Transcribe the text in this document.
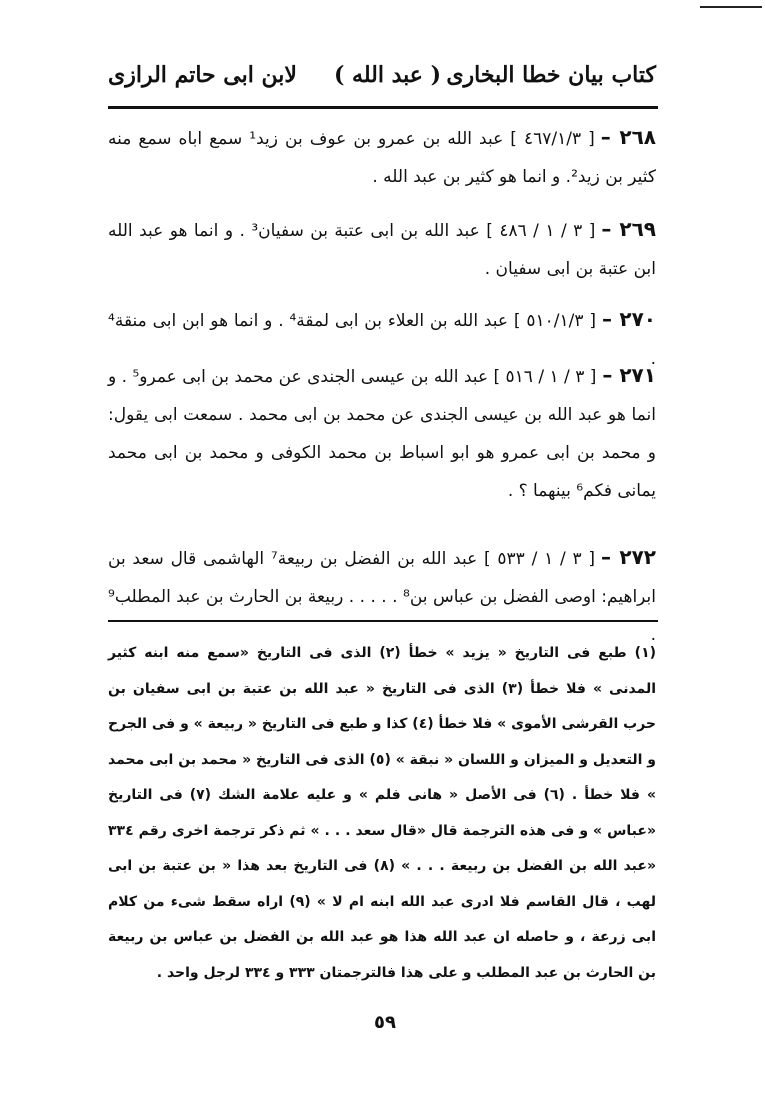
كتاب بيان خطا البخارى
( عبد الله )
لابن ابى حاتم الرازى
٢٦٨ –[ ٤٦٧/١/٣ ] عبد الله بن عمرو بن عوف بن زيد¹ سمع اباه سمع منه كثير بن زيد². و انما هو كثير بن عبد الله .
٢٦٩ –[ ٣ / ١ / ٤٨٦ ] عبد الله بن ابى عتبة بن سفيان³ . و انما هو عبد الله ابن عتبة بن ابى سفيان .
٢٧٠ –[ ٥١٠/١/٣ ] عبد الله بن العلاء بن ابى لمقة⁴ . و انما هو ابن ابى منقة⁴ .
٢٧١ –[ ٣ / ١ / ٥١٦ ] عبد الله بن عيسى الجندى عن محمد بن ابى عمرو⁵ . و انما هو عبد الله بن عيسى الجندى عن محمد بن ابى محمد . سمعت ابى يقول: و محمد بن ابى عمرو هو ابو اسباط بن محمد الكوفى و محمد بن ابى محمد يمانى فكم⁶ بينهما ؟ .
٢٧٢ –[ ٣ / ١ / ٥٣٣ ] عبد الله بن الفضل بن ربيعة⁷ الهاشمى قال سعد بن ابراهيم: اوصى الفضل بن عباس بن⁸ . . . . . ربيعة بن الحارث بن عبد المطلب⁹ .
(١) طبع فى التاريخ « يزيد » خطأ (٢) الذى فى التاريخ «سمع منه ابنه كثير المدنى » فلا خطأ (٣) الذى فى التاريخ « عبد الله بن عتبة بن ابى سفيان بن حرب القرشى الأموى » فلا خطأ (٤) كذا و طبع فى التاريخ « ربيعة » و فى الجرح و التعديل و الميزان و اللسان « نبقة » (٥) الذى فى التاريخ « محمد بن ابى محمد » فلا خطأ . (٦) فى الأصل « هانى فلم » و عليه علامة الشك (٧) فى التاريخ «عباس » و فى هذه الترجمة قال «قال سعد . . . » ثم ذكر ترجمة اخرى رقم ٣٣٤ «عبد الله بن الفضل بن ربيعة . . . » (٨) فى التاريخ بعد هذا « بن عتبة بن ابى لهب ، قال القاسم فلا ادرى عبد الله ابنه ام لا » (٩) اراه سقط شىء من كلام ابى زرعة ، و حاصله ان عبد الله هذا هو عبد الله بن الفضل بن عباس بن ربيعة بن الحارث بن عبد المطلب و على هذا فالترجمتان ٣٣٣ و ٣٣٤ لرجل واحد .
٥٩
